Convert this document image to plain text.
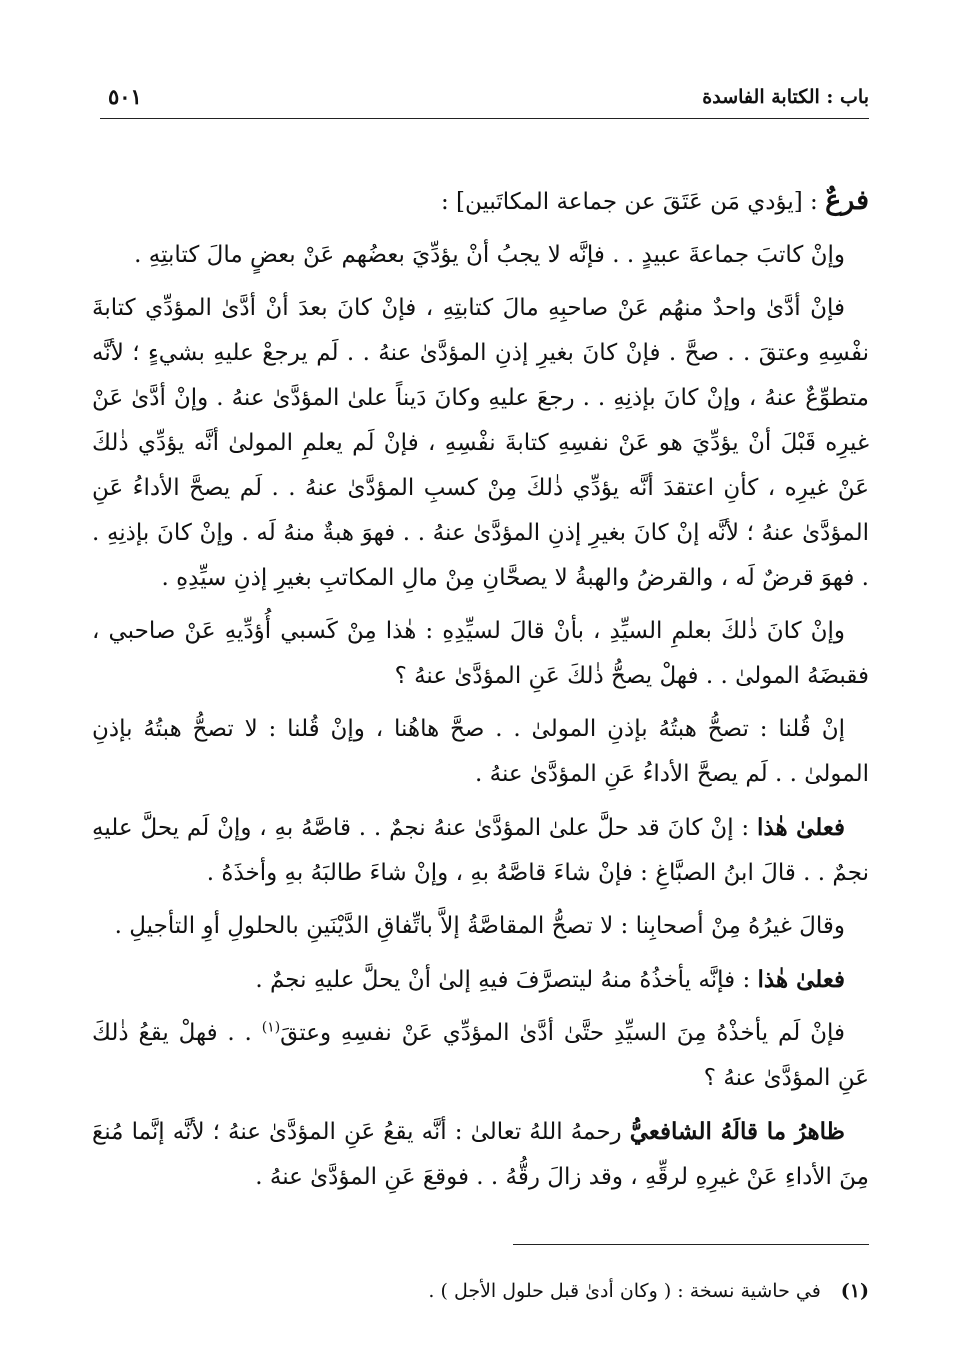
باب : الكتابة الفاسدة
٥٠١

فرعٌ : [يؤدي مَن عَتَقَ عن جماعة المكاتَبين] :

وإنْ كاتبَ جماعةَ عبيدٍ . . فإنَّه لا يجبُ أنْ يؤدِّيَ بعضُهم عَنْ بعضٍ مالَ كتابتِهِ .

فإنْ أدَّىٰ واحدٌ منهُم عَنْ صاحبِهِ مالَ كتابتِهِ ، فإنْ كانَ بعدَ أنْ أدَّىٰ المؤدِّي كتابةَ نفْسِهِ وعتقَ . . صحَّ . فإنْ كانَ بغيرِ إذنِ المؤدَّىٰ عنهُ . . لَم يرجعْ عليهِ بشيءٍ ؛ لأنَّه متطوِّعٌ عنهُ ، وإنْ كانَ بإذنِهِ . . رجعَ عليهِ وكانَ دَيناً علىٰ المؤدَّىٰ عنهُ . وإنْ أدَّىٰ عَنْ غيرِه قَبْلَ أنْ يؤدِّيَ هو عَنْ نفسِهِ كتابةَ نفْسِهِ ، فإنْ لَم يعلمِ المولىٰ أنَّه يؤدِّي ذٰلكَ عَنْ غيرِه ، كأنِ اعتقدَ أنَّه يؤدِّي ذٰلكَ مِنْ كسبِ المؤدَّىٰ عنهُ . . لَم يصحَّ الأداءُ عَنِ المؤدَّىٰ عنهُ ؛ لأنَّه إنْ كانَ بغيرِ إذنِ المؤدَّىٰ عنهُ . . فهوَ هبةٌ منهُ لَه . وإنْ كانَ بإذنِهِ . . فهوَ قرضٌ لَه ، والقرضُ والهبةُ لا يصحَّانِ مِنْ مالِ المكاتبِ بغيرِ إذنِ سيِّدِهِ .

وإنْ كانَ ذٰلكَ بعلمِ السيِّدِ ، بأنْ قالَ لسيِّدِهِ : هٰذا مِنْ كَسبي أُؤدِّيهِ عَنْ صاحبي ، فقبضَهُ المولىٰ . . فهلْ يصحُّ ذٰلكَ عَنِ المؤدَّىٰ عنهُ ؟

إنْ قُلنا : تصحُّ هبتُهُ بإذنِ المولىٰ . . صحَّ هاهُنا ، وإنْ قُلنا : لا تصحُّ هبتُهُ بإذنِ المولىٰ . . لَم يصحَّ الأداءُ عَنِ المؤدَّىٰ عنهُ .

فعلىٰ هٰذا : إنْ كانَ قد حلَّ علىٰ المؤدَّىٰ عنهُ نجمٌ . . قاصَّهُ بهِ ، وإنْ لَم يحلَّ عليهِ نجمٌ . . قالَ ابنُ الصبَّاغِ : فإنْ شاءَ قاصَّهُ بهِ ، وإنْ شاءَ طالبَهُ بهِ وأخذَهُ .

وقالَ غيرُهُ مِنْ أصحابِنا : لا تصحُّ المقاصَّةُ إلاَّ باتِّفاقِ الدَّيْنَينِ بالحلولِ أوِ التأجيلِ .

فعلىٰ هٰذا : فإنَّه يأخذُهُ منهُ ليتصرَّفَ فيهِ إلىٰ أنْ يحلَّ عليهِ نجمٌ .

فإنْ لَم يأخذْهُ مِنَ السيِّدِ حتَّىٰ أدَّىٰ المؤدِّي عَنْ نفسِهِ وعتقَ$^{(١)}$ . . فهلْ يقعُ ذٰلكَ عَنِ المؤدَّىٰ عنهُ ؟

ظاهرُ ما قالَهُ الشافعيُّ رحمهُ اللهُ تعالىٰ : أنَّه يقعُ عَنِ المؤدَّىٰ عنهُ ؛ لأنَّه إنَّما مُنعَ مِنَ الأداءِ عَنْ غيرِهِ لرقِّهِ ، وقد زالَ رقُّهُ . . فوقعَ عَنِ المؤدَّىٰ عنهُ .

(١)في حاشية نسخة : ( وكان أدىٰ قبل حلول الأجل ) .
